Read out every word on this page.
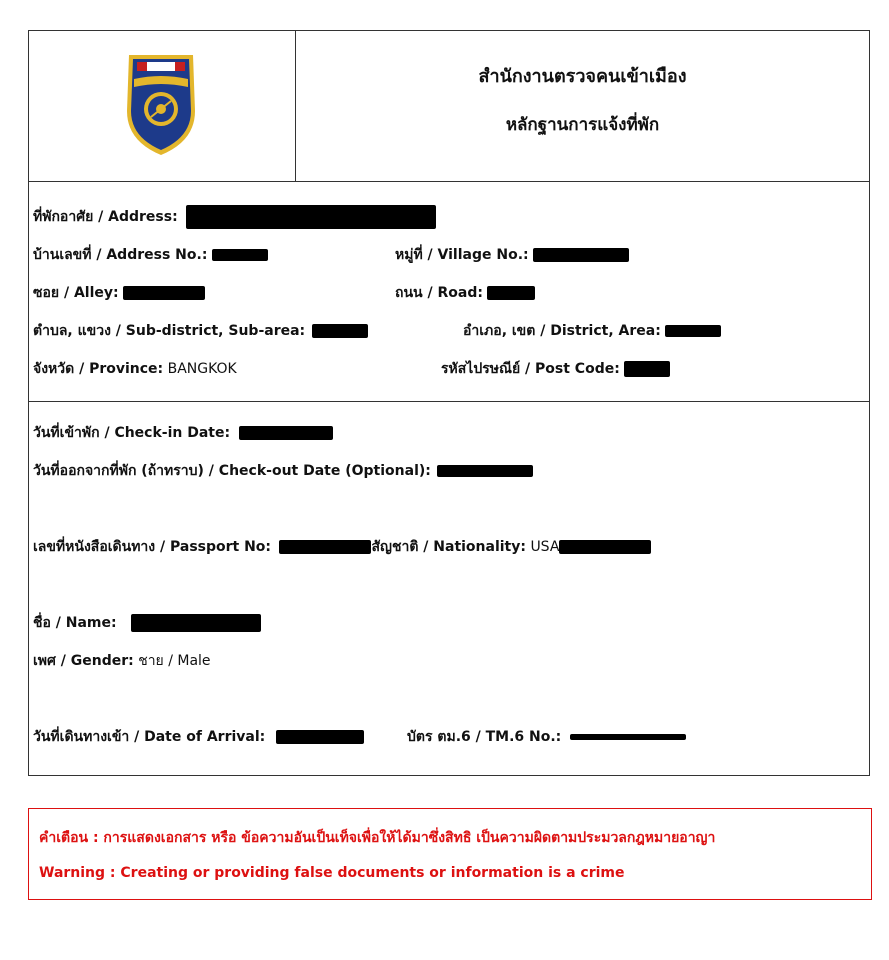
สำนักงานตรวจคนเข้าเมือง
หลักฐานการแจ้งที่พัก
ที่พักอาศัย / Address:
บ้านเลขที่ / Address No.:	หมู่ที่ / Village No.:
ซอย / Alley:	ถนน / Road:
ตำบล, แขวง / Sub-district, Sub-area:	อำเภอ, เขต / District, Area:
จังหวัด / Province: BANGKOK	รหัสไปรษณีย์ / Post Code:
วันที่เข้าพัก / Check-in Date:
วันที่ออกจากที่พัก (ถ้าทราบ) / Check-out Date (Optional):
เลขที่หนังสือเดินทาง / Passport No:	สัญชาติ / Nationality: USA
ชื่อ / Name:
เพศ / Gender: ชาย / Male
วันที่เดินทางเข้า / Date of Arrival:	บัตร ตม.6 / TM.6 No.:
คำเตือน : การแสดงเอกสาร หรือ ข้อความอันเป็นเท็จเพื่อให้ได้มาซึ่งสิทธิ เป็นความผิดตามประมวลกฎหมายอาญา
Warning : Creating or providing false documents or information is a crime
